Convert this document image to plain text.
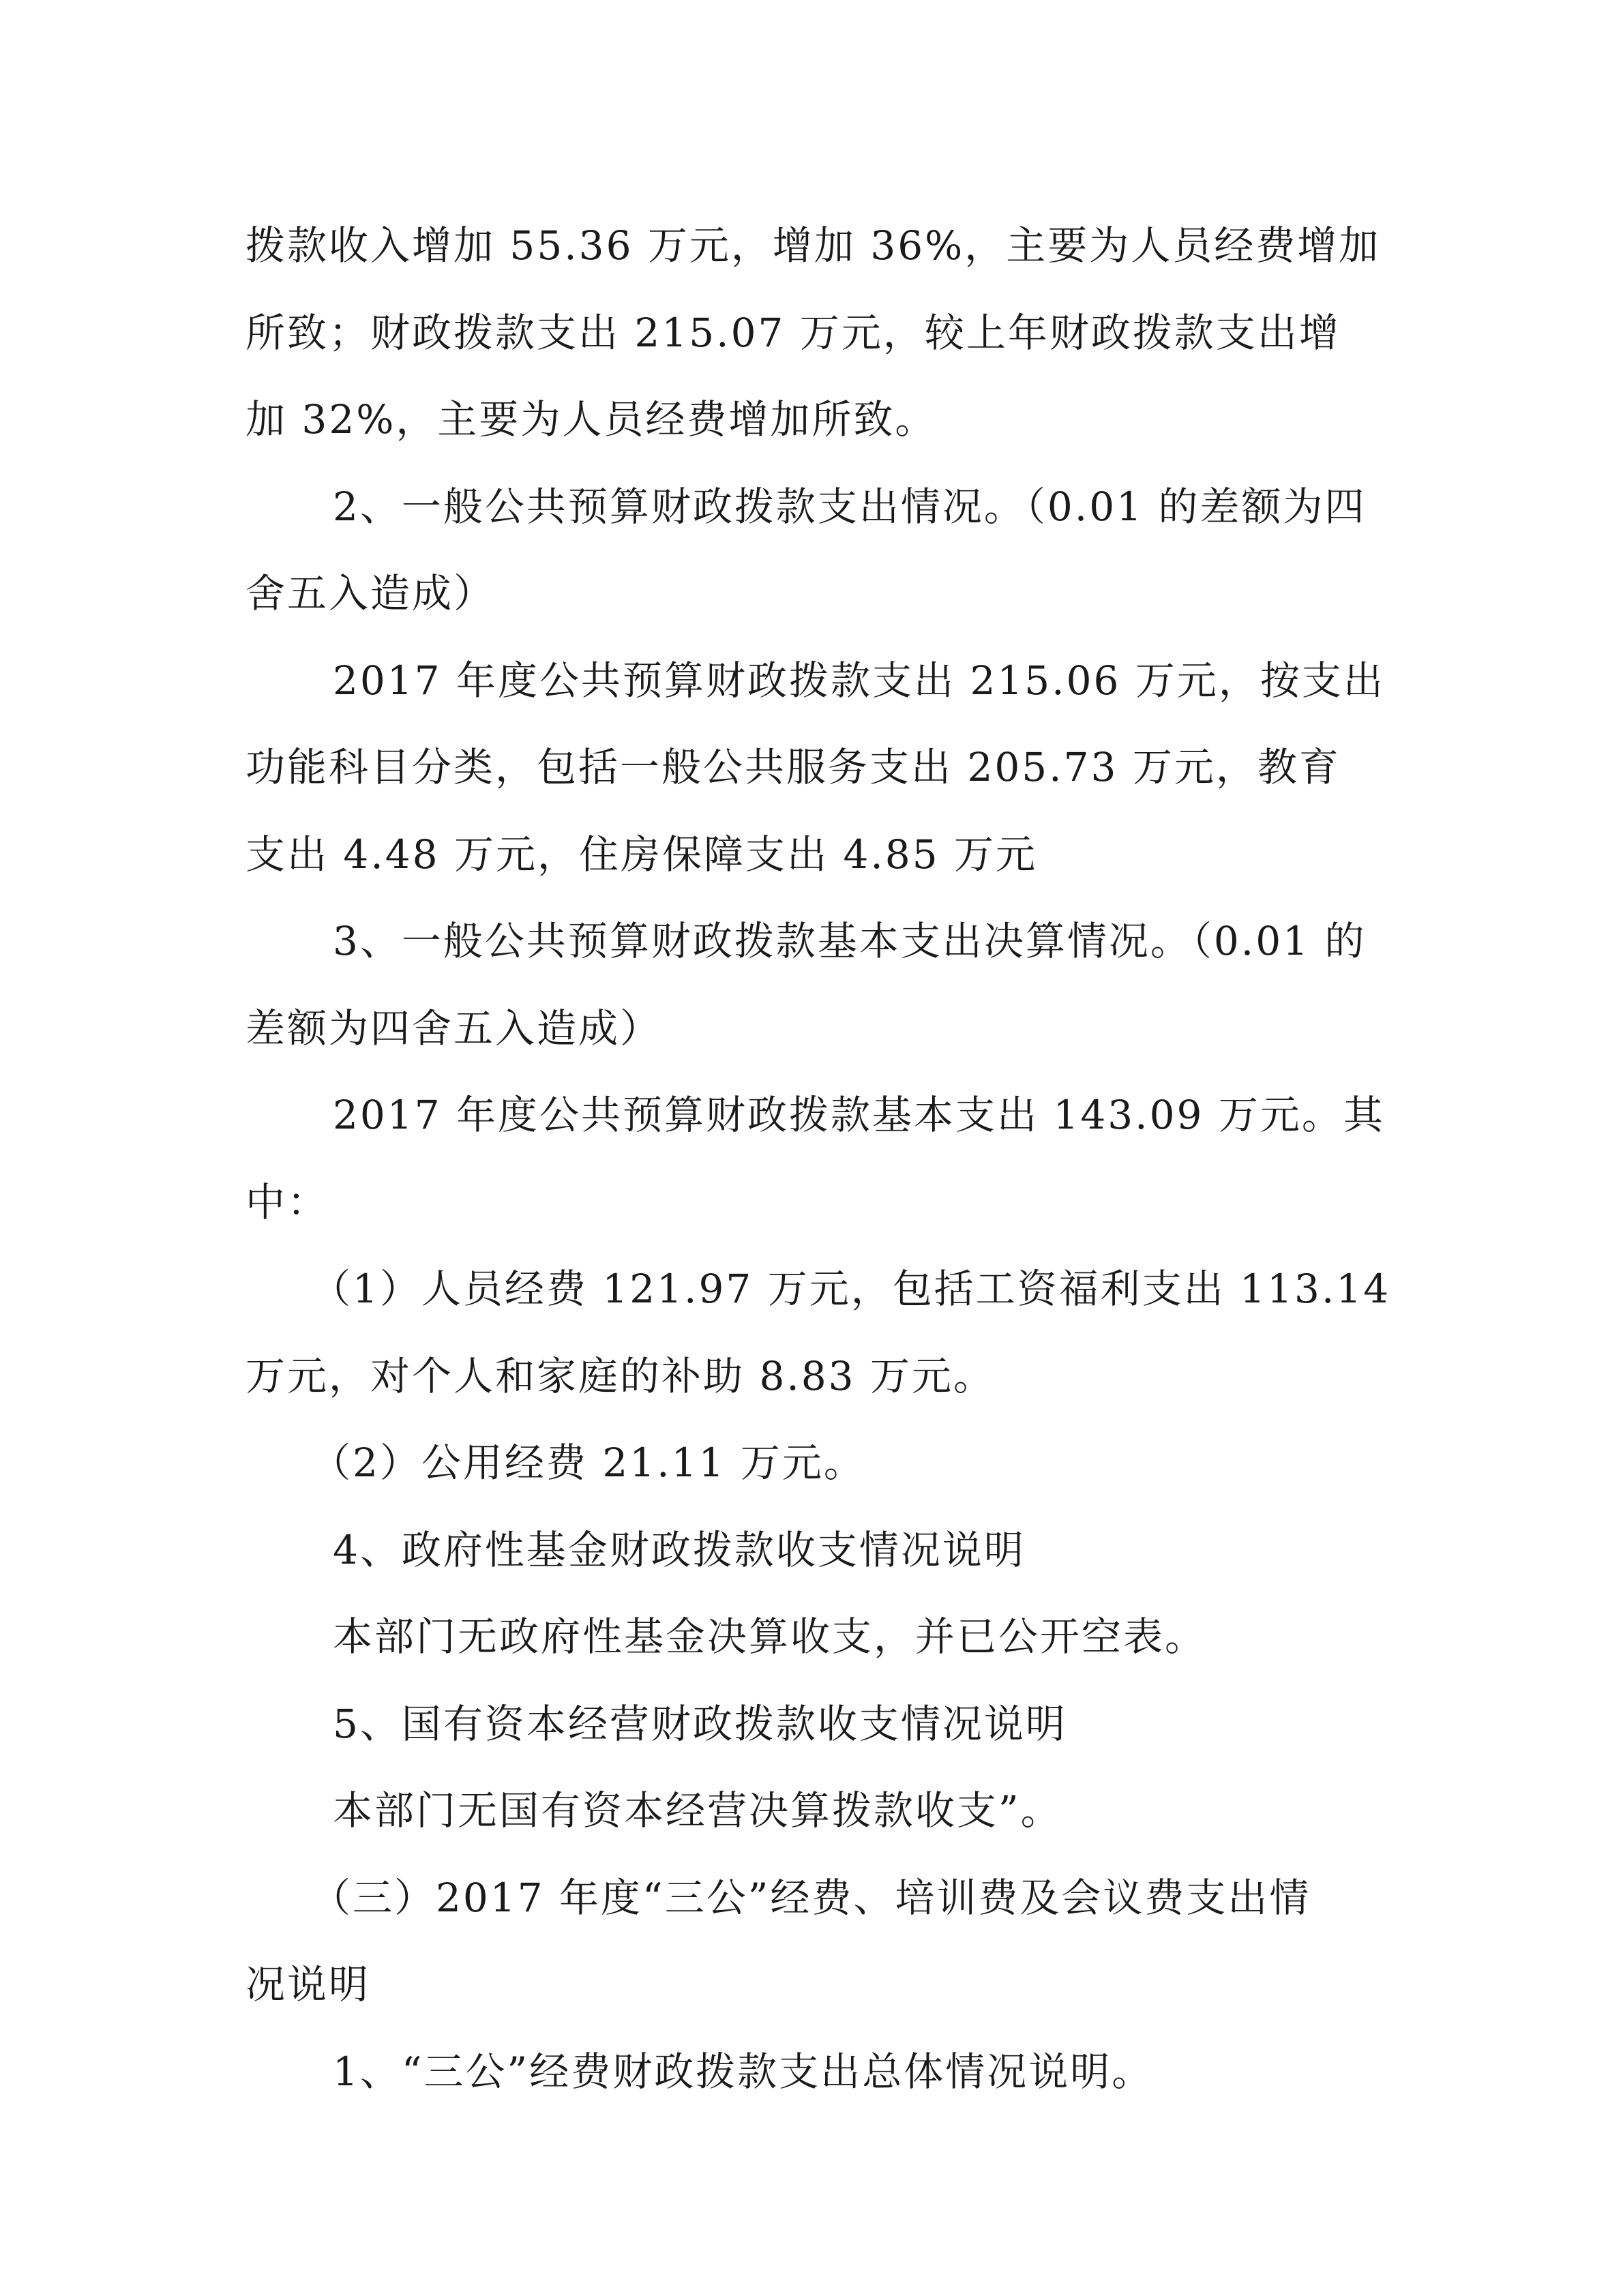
拨款收入增加 55.36 万元，增加 36%，主要为人员经费增加
所致；财政拨款支出 215.07 万元，较上年财政拨款支出增
加 32%，主要为人员经费增加所致。
2、一般公共预算财政拨款支出情况。（0.01 的差额为四
舍五入造成）
2017 年度公共预算财政拨款支出 215.06 万元，按支出
功能科目分类，包括一般公共服务支出 205.73 万元，教育
支出 4.48 万元，住房保障支出 4.85 万元
3、一般公共预算财政拨款基本支出决算情况。（0.01 的
差额为四舍五入造成）
2017 年度公共预算财政拨款基本支出 143.09 万元。其
中：
（1）人员经费 121.97 万元，包括工资福利支出 113.14
万元，对个人和家庭的补助 8.83 万元。
（2）公用经费 21.11 万元。
4、政府性基金财政拨款收支情况说明
本部门无政府性基金决算收支，并已公开空表。
5、国有资本经营财政拨款收支情况说明
本部门无国有资本经营决算拨款收支”。
（三）2017 年度“三公”经费、培训费及会议费支出情
况说明
1、“三公”经费财政拨款支出总体情况说明。
